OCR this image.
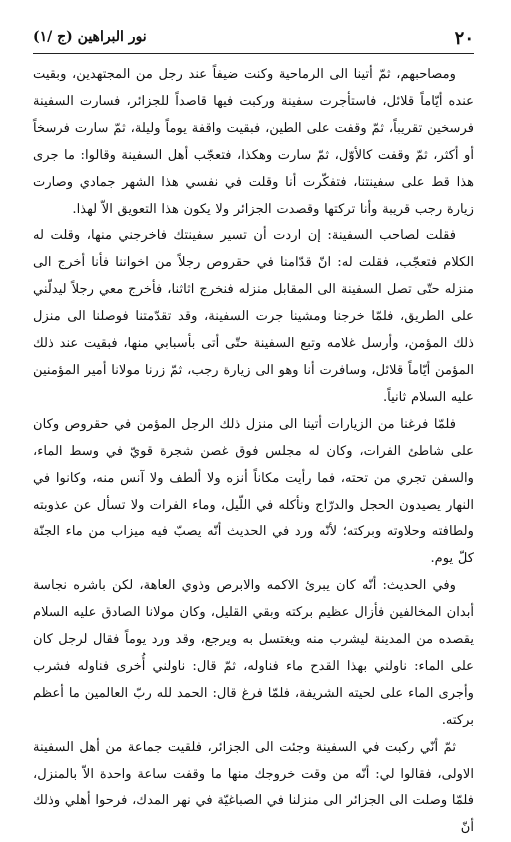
٢٠
نور البراهين (ج /١)

ومصاحبهم، ثمّ أتينا الى الرماحية وكنت ضيفاً عند رجل من المجتهدين، وبقيت عنده أيّاماً قلائل، فاستأجرت سفينة وركبت فيها قاصداً للجزائر، فسارت السفينة فرسخين تقريباً، ثمّ وقفت على الطين، فبقيت واقفة يوماً وليلة، ثمّ سارت فرسخاً أو أكثر، ثمّ وقفت كالأوّل، ثمّ سارت وهكذا، فتعجّب أهل السفينة وقالوا: ما جرى هذا قط على سفينتنا، فتفكّرت أنا وقلت في نفسي هذا الشهر جمادي وصارت زيارة رجب قريبة وأنا تركتها وقصدت الجزائر ولا يكون هذا التعويق الاّ لهذا.

فقلت لصاحب السفينة: إن اردت أن تسير سفينتك فاخرجني منها، وقلت له الكلام فتعجّب، فقلت له: انّ قدّامنا في حقروص رجلاً من اخواننا فأنا أخرج الى منزله حتّى تصل السفينة الى المقابل منزله فنخرج اثاثنا، فأخرج معي رجلاً ليدلّني على الطريق، فلمّا خرجنا ومشينا جرت السفينة، وقد تقدّمتنا فوصلنا الى منزل ذلك المؤمن، وأرسل غلامه وتبع السفينة حتّى أتى بأسبابي منها، فبقيت عند ذلك المؤمن أيّاماً قلائل، وسافرت أنا وهو الى زيارة رجب، ثمّ زرنا مولانا أمير المؤمنين عليه السلام ثانياً.

فلمّا فرغنا من الزيارات أتينا الى منزل ذلك الرجل المؤمن في حقروص وكان على شاطئ الفرات، وكان له مجلس فوق غصن شجرة قويّ في وسط الماء، والسفن تجري من تحته، فما رأيت مكاناً أنزه ولا ألطف ولا آنس منه، وكانوا في النهار يصيدون الحجل والدرّاج ونأكله في اللّيل، وماء الفرات ولا تسأل عن عذوبته ولطافته وحلاوته وبركته؛ لأنّه ورد في الحديث أنّه يصبّ فيه ميزاب من ماء الجنّة كلّ يوم.

وفي الحديث: أنّه كان يبرئ الاكمه والابرص وذوي العاهة، لكن باشره نجاسة أبدان المخالفين فأزال عظيم بركته وبقي القليل، وكان مولانا الصادق عليه السلام يقصده من المدينة ليشرب منه ويغتسل به ويرجع، وقد ورد يوماً فقال لرجل كان على الماء: ناولني بهذا القدح ماء فناوله، ثمّ قال: ناولني أُخرى فناوله فشرب وأجرى الماء على لحيته الشريفة، فلمّا فرغ قال: الحمد لله ربّ العالمين ما أعظم بركته.

ثمّ أنّي ركبت في السفينة وجئت الى الجزائر، فلقيت جماعة من أهل السفينة الاولى، فقالوا لي: أنّه من وقت خروجك منها ما وقفت ساعة واحدة الاّ بالمنزل، فلمّا وصلت الى الجزائر الى منزلنا في الصباغيّة في نهر المدك، فرحوا أهلي وذلك أنّ
